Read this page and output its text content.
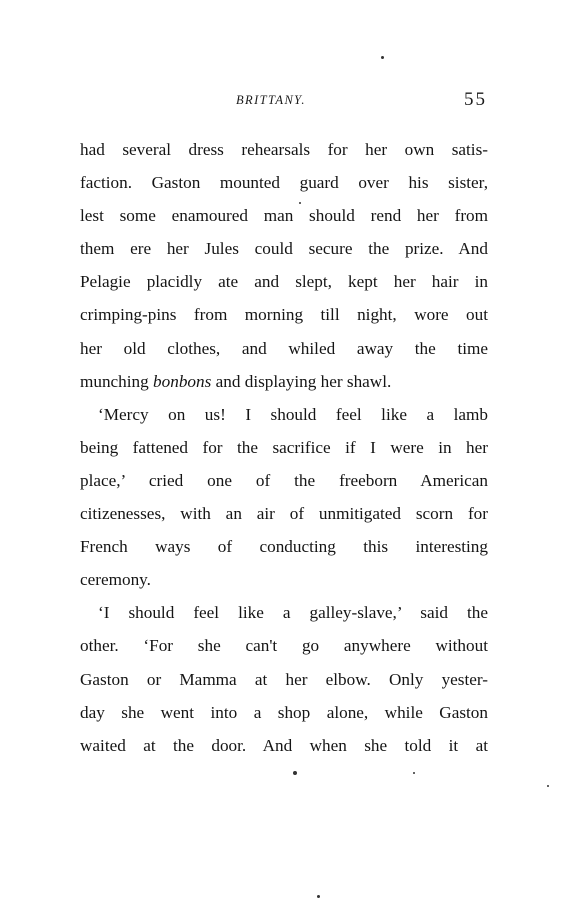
BRITTANY.	55
had several dress rehearsals for her own satis-
faction. Gaston mounted guard over his sister,
lest some enamoured man should rend her from
them ere her Jules could secure the prize. And
Pelagie placidly ate and slept, kept her hair in
crimping-pins from morning till night, wore out
her old clothes, and whiled away the time
munching bonbons and displaying her shawl.
‘Mercy on us! I should feel like a lamb
being fattened for the sacrifice if I were in her
place,’ cried one of the freeborn American
citizenesses, with an air of unmitigated scorn for
French ways of conducting this interesting
ceremony.
‘I should feel like a galley-slave,’ said the
other. ‘For she can't go anywhere without
Gaston or Mamma at her elbow. Only yester-
day she went into a shop alone, while Gaston
waited at the door. And when she told it at
